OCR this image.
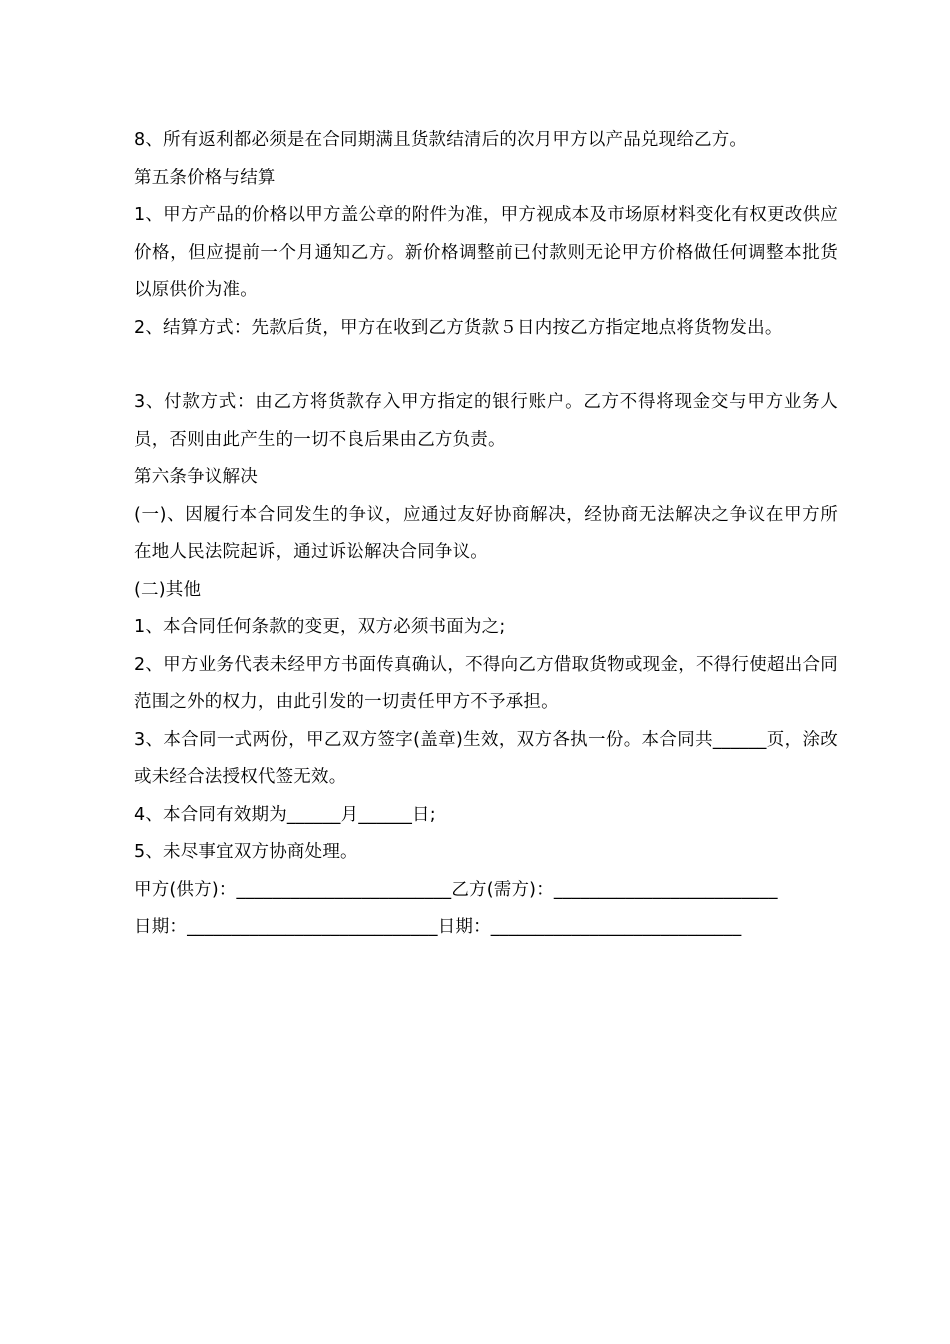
8、所有返利都必须是在合同期满且货款结清后的次月甲方以产品兑现给乙方。

第五条价格与结算

1、甲方产品的价格以甲方盖公章的附件为准，甲方视成本及市场原材料变化有权更改供应价格，但应提前一个月通知乙方。新价格调整前已付款则无论甲方价格做任何调整本批货以原供价为准。

2、结算方式：先款后货，甲方在收到乙方货款５日内按乙方指定地点将货物发出。

3、付款方式：由乙方将货款存入甲方指定的银行账户。乙方不得将现金交与甲方业务人员，否则由此产生的一切不良后果由乙方负责。

第六条争议解决

(一)、因履行本合同发生的争议，应通过友好协商解决，经协商无法解决之争议在甲方所在地人民法院起诉，通过诉讼解决合同争议。

(二)其他

1、本合同任何条款的变更，双方必须书面为之;

2、甲方业务代表未经甲方书面传真确认，不得向乙方借取货物或现金，不得行使超出合同范围之外的权力，由此引发的一切责任甲方不予承担。

3、本合同一式两份，甲乙双方签字(盖章)生效，双方各执一份。本合同共______页，涂改或未经合法授权代签无效。

4、本合同有效期为______月______日;

5、未尽事宜双方协商处理。

甲方(供方)：________________________乙方(需方)：_________________________

日期：____________________________日期：____________________________
